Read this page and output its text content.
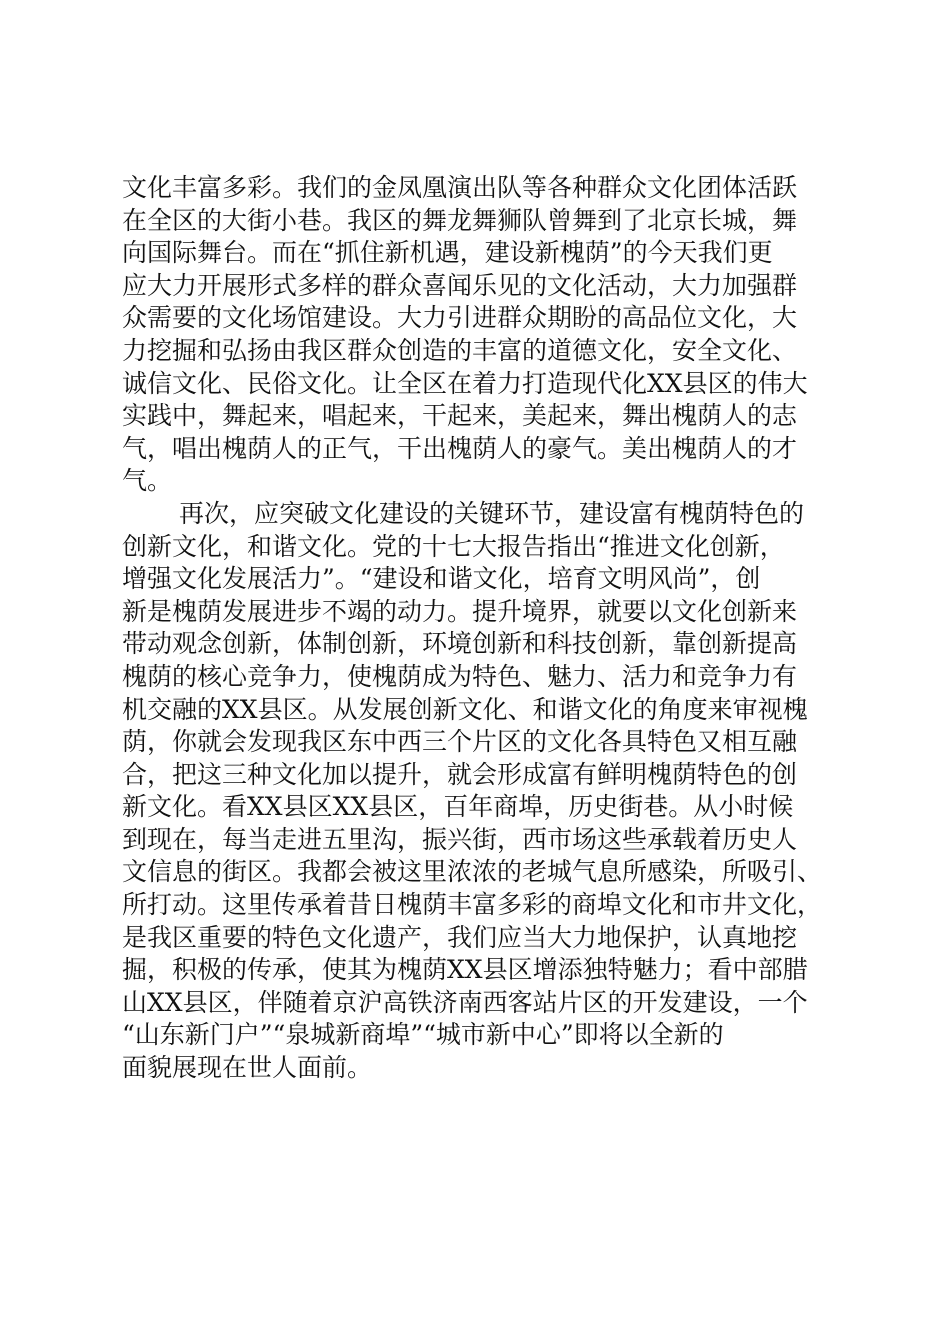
文化丰富多彩。我们的金凤凰演出队等各种群众文化团体活跃
在全区的大街小巷。我区的舞龙舞狮队曾舞到了北京长城，舞
向国际舞台。而在“抓住新机遇，建设新槐荫”的今天我们更
应大力开展形式多样的群众喜闻乐见的文化活动，大力加强群
众需要的文化场馆建设。大力引进群众期盼的高品位文化，大
力挖掘和弘扬由我区群众创造的丰富的道德文化，安全文化、
诚信文化、民俗文化。让全区在着力打造现代化XX县区的伟大
实践中，舞起来，唱起来，干起来，美起来，舞出槐荫人的志
气，唱出槐荫人的正气，干出槐荫人的豪气。美出槐荫人的才
气。
再次，应突破文化建设的关键环节，建设富有槐荫特色的
创新文化，和谐文化。党的十七大报告指出“推进文化创新，
增强文化发展活力”。“建设和谐文化，培育文明风尚”，创
新是槐荫发展进步不竭的动力。提升境界，就要以文化创新来
带动观念创新，体制创新，环境创新和科技创新，靠创新提高
槐荫的核心竞争力，使槐荫成为特色、魅力、活力和竞争力有
机交融的XX县区。从发展创新文化、和谐文化的角度来审视槐
荫，你就会发现我区东中西三个片区的文化各具特色又相互融
合，把这三种文化加以提升，就会形成富有鲜明槐荫特色的创
新文化。看XX县区XX县区，百年商埠，历史街巷。从小时候
到现在，每当走进五里沟，振兴街，西市场这些承载着历史人
文信息的街区。我都会被这里浓浓的老城气息所感染，所吸引、
所打动。这里传承着昔日槐荫丰富多彩的商埠文化和市井文化，
是我区重要的特色文化遗产，我们应当大力地保护，认真地挖
掘，积极的传承，使其为槐荫XX县区增添独特魅力；看中部腊
山XX县区，伴随着京沪高铁济南西客站片区的开发建设，一个
“山东新门户”“泉城新商埠”“城市新中心”即将以全新的
面貌展现在世人面前。
